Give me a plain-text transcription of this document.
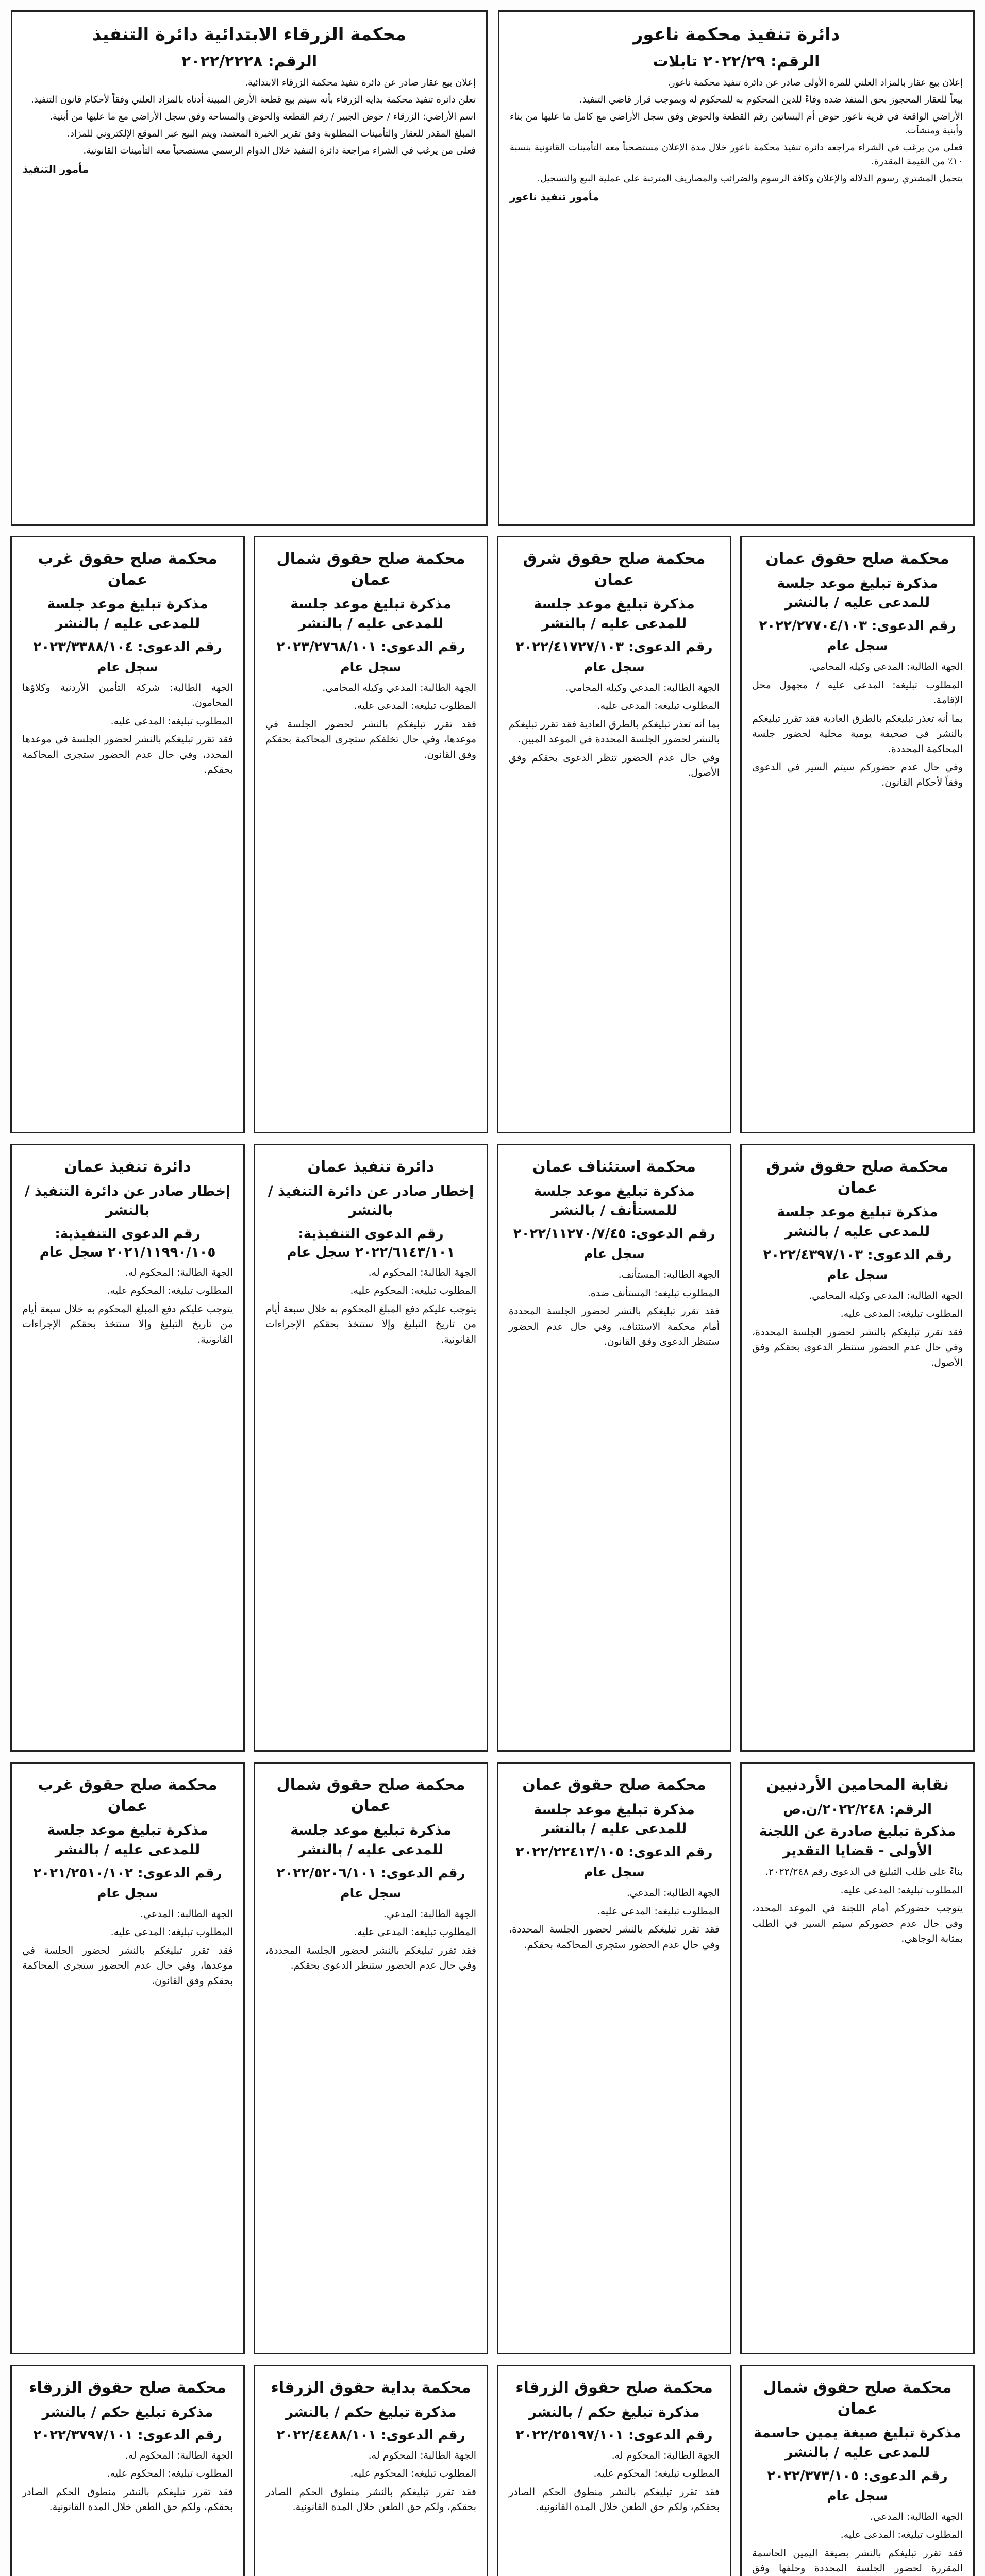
دائرة تنفيذ محكمة ناعور
الرقم: ٢٠٢٢/٢٩ تابلات

إعلان بيع عقار بالمزاد العلني للمرة الأولى صادر عن دائرة تنفيذ محكمة ناعور.

بيعاً للعقار المحجوز بحق المنفذ ضده وفاءً للدين المحكوم به للمحكوم له وبموجب قرار قاضي التنفيذ.

الأراضي الواقعة في قرية ناعور حوض أم البساتين رقم القطعة والحوض وفق سجل الأراضي مع كامل ما عليها من بناء وأبنية ومنشآت.

فعلى من يرغب في الشراء مراجعة دائرة تنفيذ محكمة ناعور خلال مدة الإعلان مستصحباً معه التأمينات القانونية بنسبة ١٠٪ من القيمة المقدرة.

يتحمل المشتري رسوم الدلالة والإعلان وكافة الرسوم والضرائب والمصاريف المترتبة على عملية البيع والتسجيل.

مأمور تنفيذ ناعور
محكمة الزرقاء الابتدائية دائرة التنفيذ
الرقم: ٢٠٢٢/٢٢٢٨

إعلان بيع عقار صادر عن دائرة تنفيذ محكمة الزرقاء الابتدائية.

تعلن دائرة تنفيذ محكمة بداية الزرقاء بأنه سيتم بيع قطعة الأرض المبينة أدناه بالمزاد العلني وفقاً لأحكام قانون التنفيذ.

اسم الأراضي: الزرقاء / حوض الجبير / رقم القطعة والحوض والمساحة وفق سجل الأراضي مع ما عليها من أبنية.

المبلغ المقدر للعقار والتأمينات المطلوبة وفق تقرير الخبرة المعتمد، ويتم البيع عبر الموقع الإلكتروني للمزاد.

فعلى من يرغب في الشراء مراجعة دائرة التنفيذ خلال الدوام الرسمي مستصحباً معه التأمينات القانونية.

مأمور التنفيذ
محكمة صلح حقوق عمان
مذكرة تبليغ موعد جلسة للمدعى عليه / بالنشر
رقم الدعوى: ٢٠٢٢/٢٧٧٠٤/١٠٣
سجل عام

الجهة الطالبة: المدعي وكيله المحامي.

المطلوب تبليغه: المدعى عليه / مجهول محل الإقامة.

بما أنه تعذر تبليغكم بالطرق العادية فقد تقرر تبليغكم بالنشر في صحيفة يومية محلية لحضور جلسة المحاكمة المحددة.

وفي حال عدم حضوركم سيتم السير في الدعوى وفقاً لأحكام القانون.

محكمة صلح حقوق شرق عمان
مذكرة تبليغ موعد جلسة للمدعى عليه / بالنشر
رقم الدعوى: ٢٠٢٢/٤١٧٢٧/١٠٣
سجل عام

الجهة الطالبة: المدعي وكيله المحامي.

المطلوب تبليغه: المدعى عليه.

بما أنه تعذر تبليغكم بالطرق العادية فقد تقرر تبليغكم بالنشر لحضور الجلسة المحددة في الموعد المبين.

وفي حال عدم الحضور تنظر الدعوى بحقكم وفق الأصول.

محكمة صلح حقوق شمال عمان
مذكرة تبليغ موعد جلسة للمدعى عليه / بالنشر
رقم الدعوى: ٢٠٢٣/٢٧٦٨/١٠١
سجل عام

الجهة الطالبة: المدعي وكيله المحامي.

المطلوب تبليغه: المدعى عليه.

فقد تقرر تبليغكم بالنشر لحضور الجلسة في موعدها، وفي حال تخلفكم ستجرى المحاكمة بحقكم وفق القانون.

محكمة صلح حقوق غرب عمان
مذكرة تبليغ موعد جلسة للمدعى عليه / بالنشر
رقم الدعوى: ٢٠٢٣/٣٣٨٨/١٠٤
سجل عام

الجهة الطالبة: شركة التأمين الأردنية وكلاؤها المحامون.

المطلوب تبليغه: المدعى عليه.

فقد تقرر تبليغكم بالنشر لحضور الجلسة في موعدها المحدد، وفي حال عدم الحضور ستجرى المحاكمة بحقكم.

محكمة صلح حقوق شرق عمان
مذكرة تبليغ موعد جلسة للمدعى عليه / بالنشر
رقم الدعوى: ٢٠٢٢/٤٣٩٧/١٠٣
سجل عام

الجهة الطالبة: المدعي وكيله المحامي.

المطلوب تبليغه: المدعى عليه.

فقد تقرر تبليغكم بالنشر لحضور الجلسة المحددة، وفي حال عدم الحضور ستنظر الدعوى بحقكم وفق الأصول.

محكمة استئناف عمان
مذكرة تبليغ موعد جلسة للمستأنف / بالنشر
رقم الدعوى: ٢٠٢٢/١١٢٧٠/٧/٤٥
سجل عام

الجهة الطالبة: المستأنف.

المطلوب تبليغه: المستأنف ضده.

فقد تقرر تبليغكم بالنشر لحضور الجلسة المحددة أمام محكمة الاستئناف، وفي حال عدم الحضور ستنظر الدعوى وفق القانون.

دائرة تنفيذ عمان
إخطار صادر عن دائرة التنفيذ / بالنشر
رقم الدعوى التنفيذية: ٢٠٢٢/٦١٤٣/١٠١ سجل عام

الجهة الطالبة: المحكوم له.

المطلوب تبليغه: المحكوم عليه.

يتوجب عليكم دفع المبلغ المحكوم به خلال سبعة أيام من تاريخ التبليغ وإلا ستتخذ بحقكم الإجراءات القانونية.

دائرة تنفيذ عمان
إخطار صادر عن دائرة التنفيذ / بالنشر
رقم الدعوى التنفيذية: ٢٠٢١/١١٩٩٠/١٠٥ سجل عام

الجهة الطالبة: المحكوم له.

المطلوب تبليغه: المحكوم عليه.

يتوجب عليكم دفع المبلغ المحكوم به خلال سبعة أيام من تاريخ التبليغ وإلا ستتخذ بحقكم الإجراءات القانونية.

نقابة المحامين الأردنيين
الرقم: ٢٠٢٢/٢٤٨/ن.ص
مذكرة تبليغ صادرة عن اللجنة الأولى - قضايا التقدير

بناءً على طلب التبليغ في الدعوى رقم ٢٠٢٢/٢٤٨.

المطلوب تبليغه: المدعى عليه.

يتوجب حضوركم أمام اللجنة في الموعد المحدد، وفي حال عدم حضوركم سيتم السير في الطلب بمثابة الوجاهي.

محكمة صلح حقوق عمان
مذكرة تبليغ موعد جلسة للمدعى عليه / بالنشر
رقم الدعوى: ٢٠٢٢/٢٢٤١٣/١٠٥
سجل عام

الجهة الطالبة: المدعي.

المطلوب تبليغه: المدعى عليه.

فقد تقرر تبليغكم بالنشر لحضور الجلسة المحددة، وفي حال عدم الحضور ستجرى المحاكمة بحقكم.

محكمة صلح حقوق شمال عمان
مذكرة تبليغ موعد جلسة للمدعى عليه / بالنشر
رقم الدعوى: ٢٠٢٢/٥٢٠٦/١٠١
سجل عام

الجهة الطالبة: المدعي.

المطلوب تبليغه: المدعى عليه.

فقد تقرر تبليغكم بالنشر لحضور الجلسة المحددة، وفي حال عدم الحضور ستنظر الدعوى بحقكم.

محكمة صلح حقوق غرب عمان
مذكرة تبليغ موعد جلسة للمدعى عليه / بالنشر
رقم الدعوى: ٢٠٢١/٢٥١٠/١٠٢
سجل عام

الجهة الطالبة: المدعي.

المطلوب تبليغه: المدعى عليه.

فقد تقرر تبليغكم بالنشر لحضور الجلسة في موعدها، وفي حال عدم الحضور ستجرى المحاكمة بحقكم وفق القانون.

محكمة صلح حقوق شمال عمان
مذكرة تبليغ صيغة يمين حاسمة للمدعى عليه / بالنشر
رقم الدعوى: ٢٠٢٢/٣٧٣/١٠٥
سجل عام

الجهة الطالبة: المدعي.

المطلوب تبليغه: المدعى عليه.

فقد تقرر تبليغكم بالنشر بصيغة اليمين الحاسمة المقررة لحضور الجلسة المحددة وحلفها وفق

محكمة صلح حقوق الزرقاء
مذكرة تبليغ حكم / بالنشر
رقم الدعوى: ٢٠٢٢/٢٥١٩٧/١٠١

الجهة الطالبة: المحكوم له.

المطلوب تبليغه: المحكوم عليه.

فقد تقرر تبليغكم بالنشر منطوق الحكم الصادر بحقكم، ولكم حق الطعن خلال المدة القانونية.

محكمة بداية حقوق الزرقاء
مذكرة تبليغ حكم / بالنشر
رقم الدعوى: ٢٠٢٢/٤٤٨٨/١٠١

الجهة الطالبة: المحكوم له.

المطلوب تبليغه: المحكوم عليه.

فقد تقرر تبليغكم بالنشر منطوق الحكم الصادر بحقكم، ولكم حق الطعن خلال المدة القانونية.

محكمة صلح حقوق الزرقاء
مذكرة تبليغ حكم / بالنشر
رقم الدعوى: ٢٠٢٢/٣٧٩٧/١٠١

الجهة الطالبة: المحكوم له.

المطلوب تبليغه: المحكوم عليه.

فقد تقرر تبليغكم بالنشر منطوق الحكم الصادر بحقكم، ولكم حق الطعن خلال المدة القانونية.
